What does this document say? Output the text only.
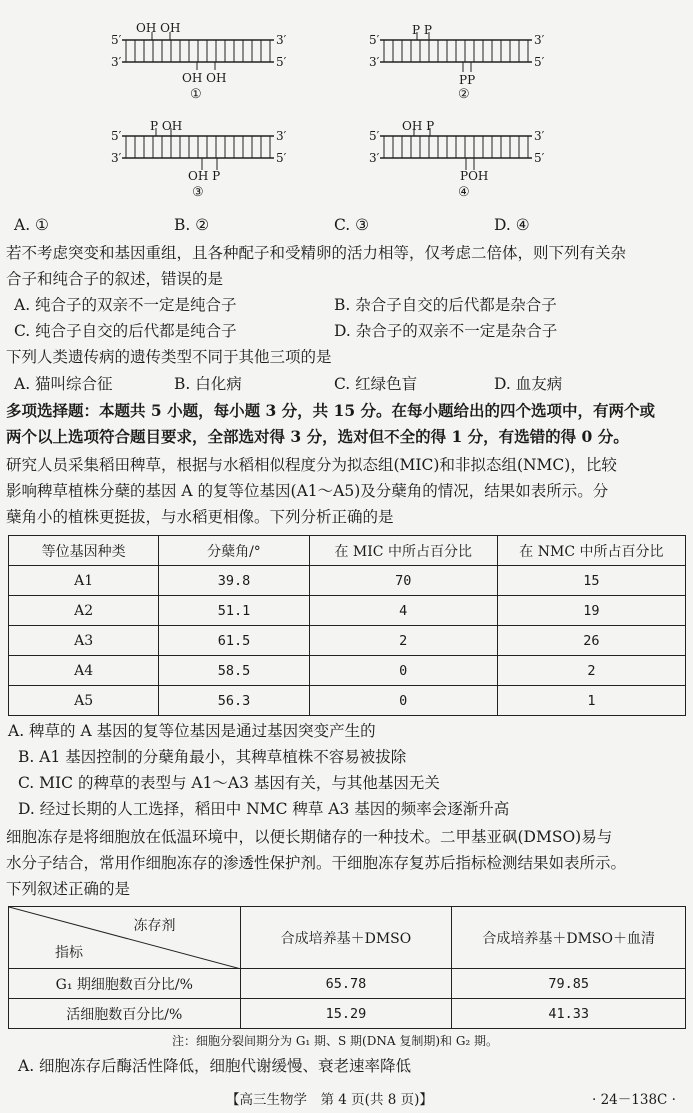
OH OH
OH OH
5′	3′
3′	5′
①
P P
PP
5′	3′
3′	5′
②
P OH
OH P
5′	3′
3′	5′
③
OH P
POH
5′	3′
3′	5′
④
A. ①	B. ②	C. ③	D. ④
若不考虑突变和基因重组，且各种配子和受精卵的活力相等，仅考虑二倍体，则下列有关杂
合子和纯合子的叙述，错误的是
A. 纯合子的双亲不一定是纯合子	B. 杂合子自交的后代都是杂合子
C. 纯合子自交的后代都是纯合子	D. 杂合子的双亲不一定是杂合子
下列人类遗传病的遗传类型不同于其他三项的是
A. 猫叫综合征	B. 白化病	C. 红绿色盲	D. 血友病
多项选择题：本题共 5 小题，每小题 3 分，共 15 分。在每小题给出的四个选项中，有两个或
两个以上选项符合题目要求，全部选对得 3 分，选对但不全的得 1 分，有选错的得 0 分。
研究人员采集稻田稗草，根据与水稻相似程度分为拟态组(MIC)和非拟态组(NMC)，比较
影响稗草植株分蘖的基因 A 的复等位基因(A1～A5)及分蘖角的情况，结果如表所示。分
蘖角小的植株更挺拔，与水稻更相像。下列分析正确的是
等位基因种类	分蘖角/°	在 MIC 中所占百分比	在 NMC 中所占百分比
A1	39.8	70	15
A2	51.1	4	19
A3	61.5	2	26
A4	58.5	0	2
A5	56.3	0	1
A. 稗草的 A 基因的复等位基因是通过基因突变产生的
B. A1 基因控制的分蘖角最小，其稗草植株不容易被拔除
C. MIC 的稗草的表型与 A1～A3 基因有关，与其他基因无关
D. 经过长期的人工选择，稻田中 NMC 稗草 A3 基因的频率会逐渐升高
细胞冻存是将细胞放在低温环境中，以便长期储存的一种技术。二甲基亚砜(DMSO)易与
水分子结合，常用作细胞冻存的渗透性保护剂。干细胞冻存复苏后指标检测结果如表所示。
下列叙述正确的是
冻存剂
指标	合成培养基＋DMSO	合成培养基＋DMSO＋血清
G₁ 期细胞数百分比/%	65.78	79.85
活细胞数百分比/%	15.29	41.33
注：细胞分裂间期分为 G₁ 期、S 期(DNA 复制期)和 G₂ 期。
A. 细胞冻存后酶活性降低，细胞代谢缓慢、衰老速率降低
【高三生物学　第 4 页(共 8 页)】	· 24－138C ·
